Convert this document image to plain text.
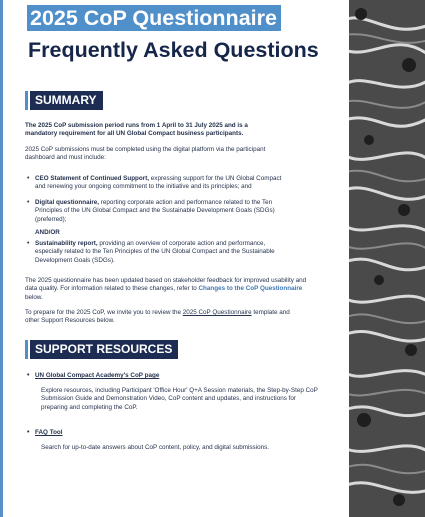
2025 CoP Questionnaire
Frequently Asked Questions
SUMMARY
The 2025 CoP submission period runs from 1 April to 31 July 2025 and is a mandatory requirement for all UN Global Compact business participants.
2025 CoP submissions must be completed using the digital platform via the participant dashboard and must include:
• CEO Statement of Continued Support, expressing support for the UN Global Compact and renewing your ongoing commitment to the initiative and its principles; and
• Digital questionnaire, reporting corporate action and performance related to the Ten Principles of the UN Global Compact and the Sustainable Development Goals (SDGs) (preferred);
AND/OR
• Sustainability report, providing an overview of corporate action and performance, especially related to the Ten Principles of the UN Global Compact and the Sustainable Development Goals (SDGs).
The 2025 questionnaire has been updated based on stakeholder feedback for improved usability and data quality. For information related to these changes, refer to Changes to the CoP Questionnaire below.
To prepare for the 2025 CoP, we invite you to review the 2025 CoP Questionnaire template and other Support Resources below.
SUPPORT RESOURCES
• UN Global Compact Academy's CoP page
Explore resources, including Participant 'Office Hour' Q+A Session materials, the Step-by-Step CoP Submission Guide and Demonstration Video, CoP content and updates, and instructions for preparing and completing the CoP.
• FAQ Tool
Search for up-to-date answers about CoP content, policy, and digital submissions.
